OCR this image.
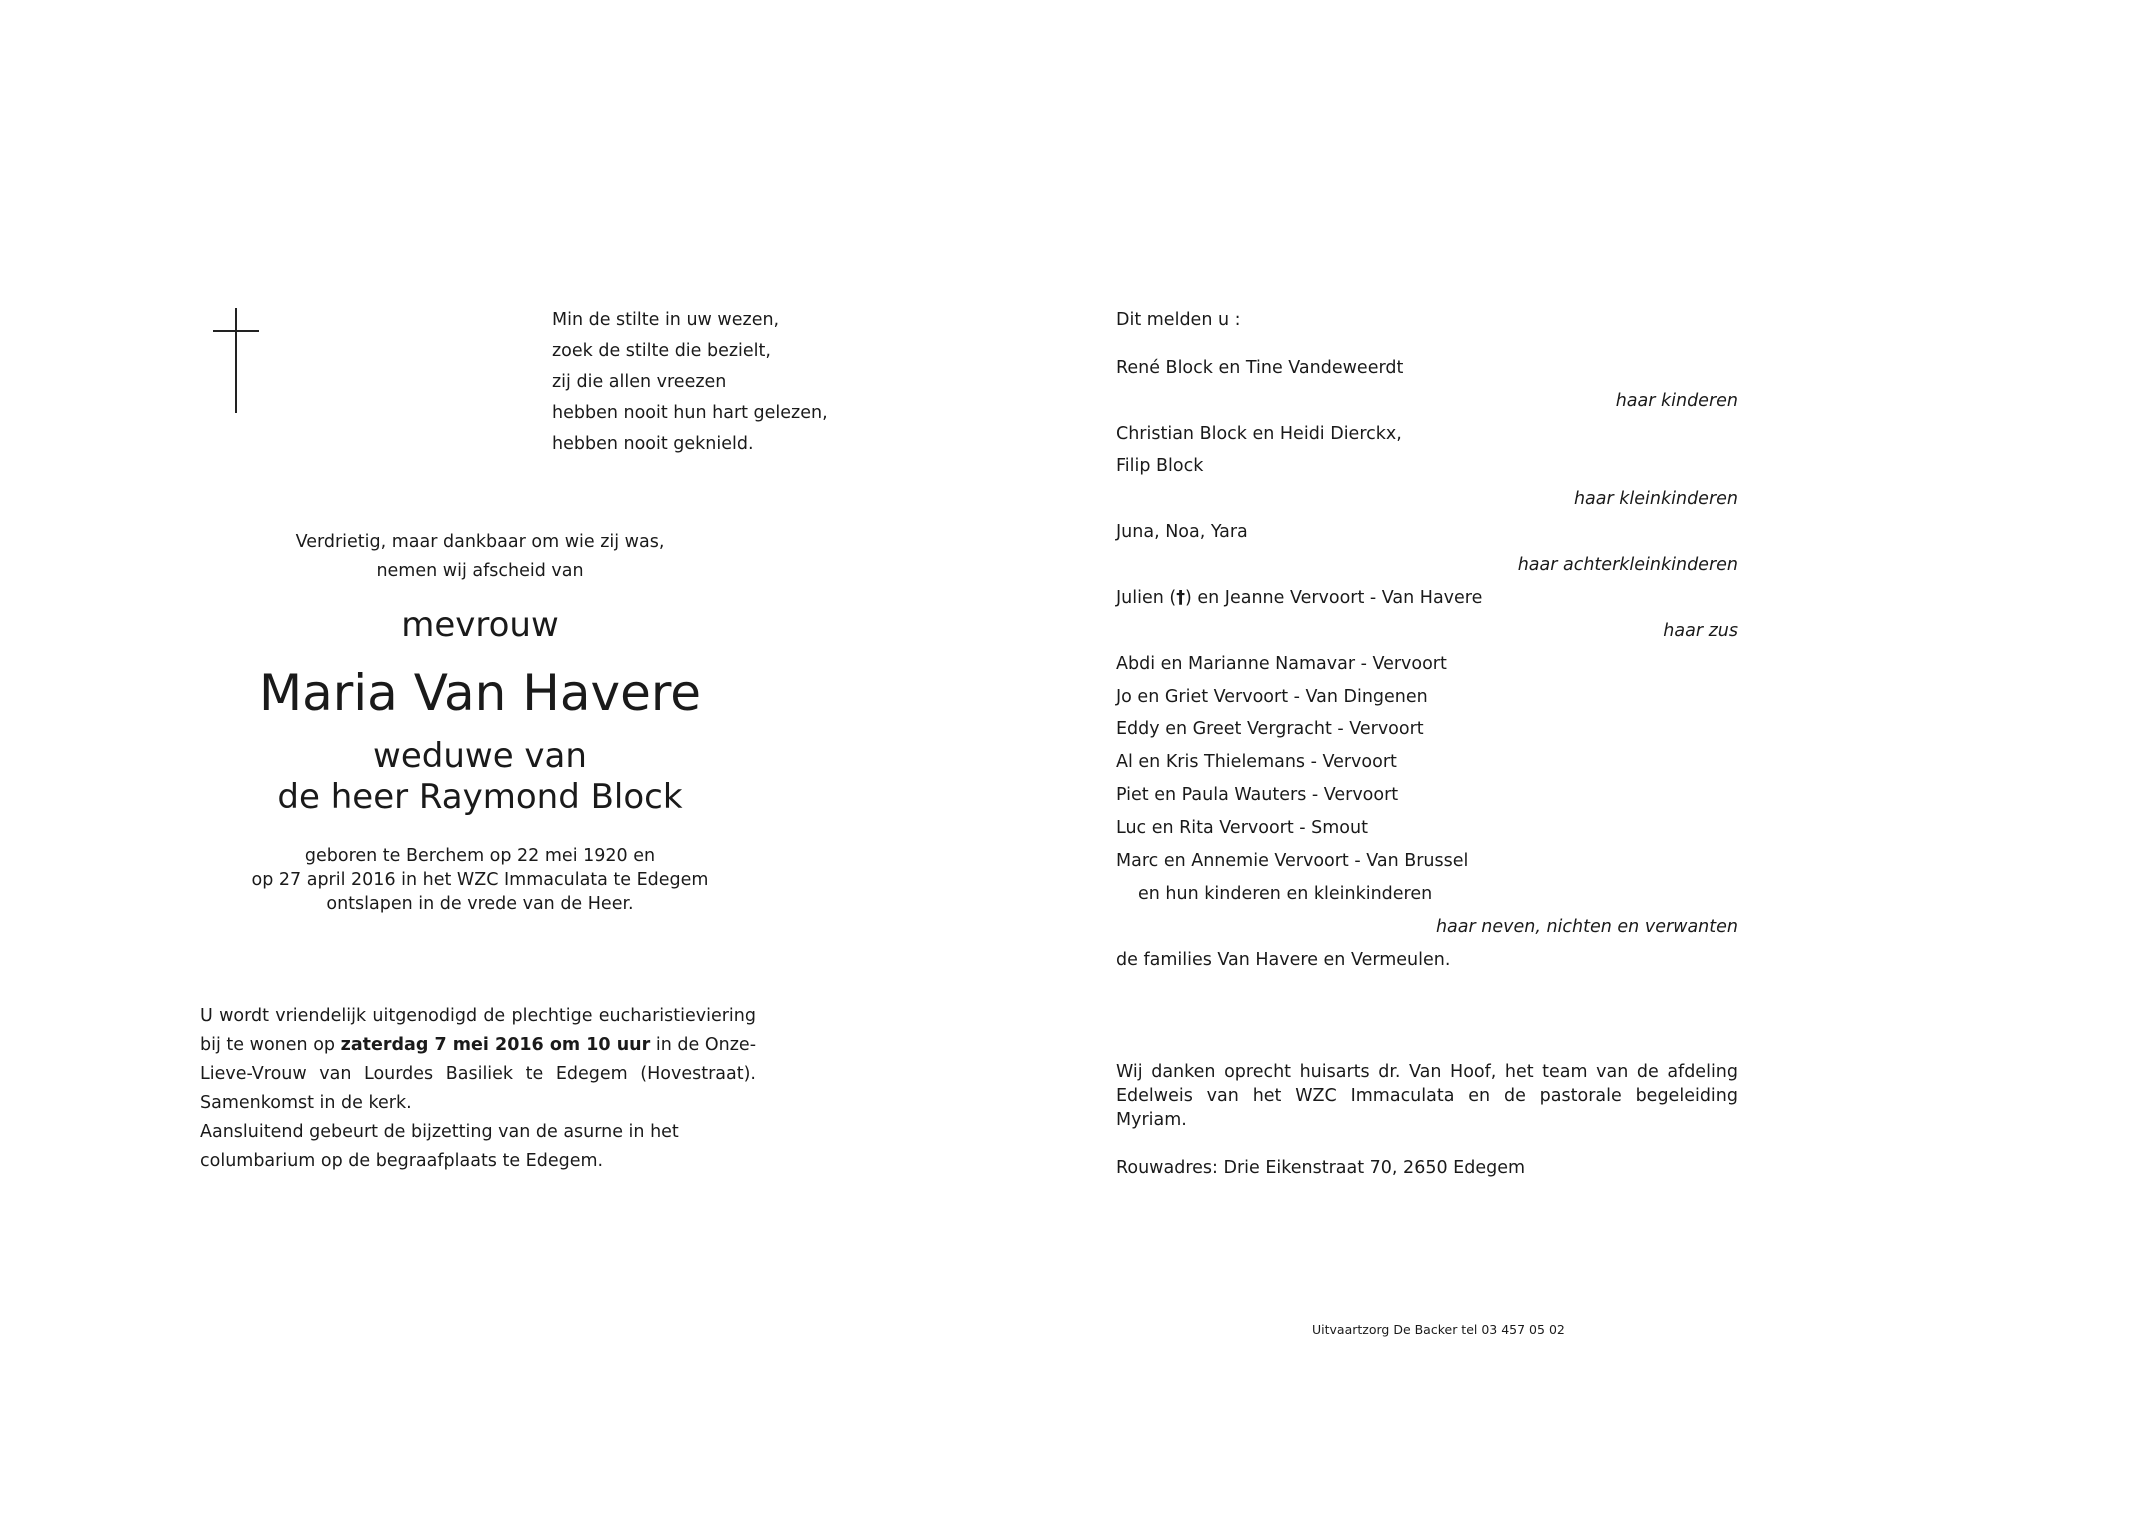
Min de stilte in uw wezen,
zoek de stilte die bezielt,
zij die allen vreezen
hebben nooit hun hart gelezen,
hebben nooit geknield.
Verdrietig, maar dankbaar om wie zij was,
nemen wij afscheid van
mevrouw
Maria Van Havere
weduwe van
de heer Raymond Block
geboren te Berchem op 22 mei 1920 en
op 27 april 2016 in het WZC Immaculata te Edegem
ontslapen in de vrede van de Heer.

U wordt vriendelijk uitgenodigd de plechtige eucharistieviering bij te wonen op zaterdag 7 mei 2016 om 10 uur in de Onze-Lieve-Vrouw van Lourdes Basiliek te Edegem (Hovestraat). Samenkomst in de kerk.

Aansluitend gebeurt de bijzetting van de asurne in het columbarium op de begraafplaats te Edegem.
Dit melden u :
René Block en Tine Vandeweerdt
haar kinderen
Christian Block en Heidi Dierckx,
Filip Block
haar kleinkinderen
Juna, Noa, Yara
haar achterkleinkinderen
Julien (†) en Jeanne Vervoort - Van Havere
haar zus
Abdi en Marianne Namavar - Vervoort
Jo en Griet Vervoort - Van Dingenen
Eddy en Greet Vergracht - Vervoort
Al en Kris Thielemans - Vervoort
Piet en Paula Wauters - Vervoort
Luc en Rita Vervoort - Smout
Marc en Annemie Vervoort - Van Brussel
en hun kinderen en kleinkinderen
haar neven, nichten en verwanten
de families Van Havere en Vermeulen.
Wij danken oprecht huisarts dr. Van Hoof, het team van de afdeling Edelweis van het WZC Immaculata en de pastorale begeleiding Myriam.
Rouwadres: Drie Eikenstraat 70, 2650 Edegem
Uitvaartzorg De Backer tel 03 457 05 02
